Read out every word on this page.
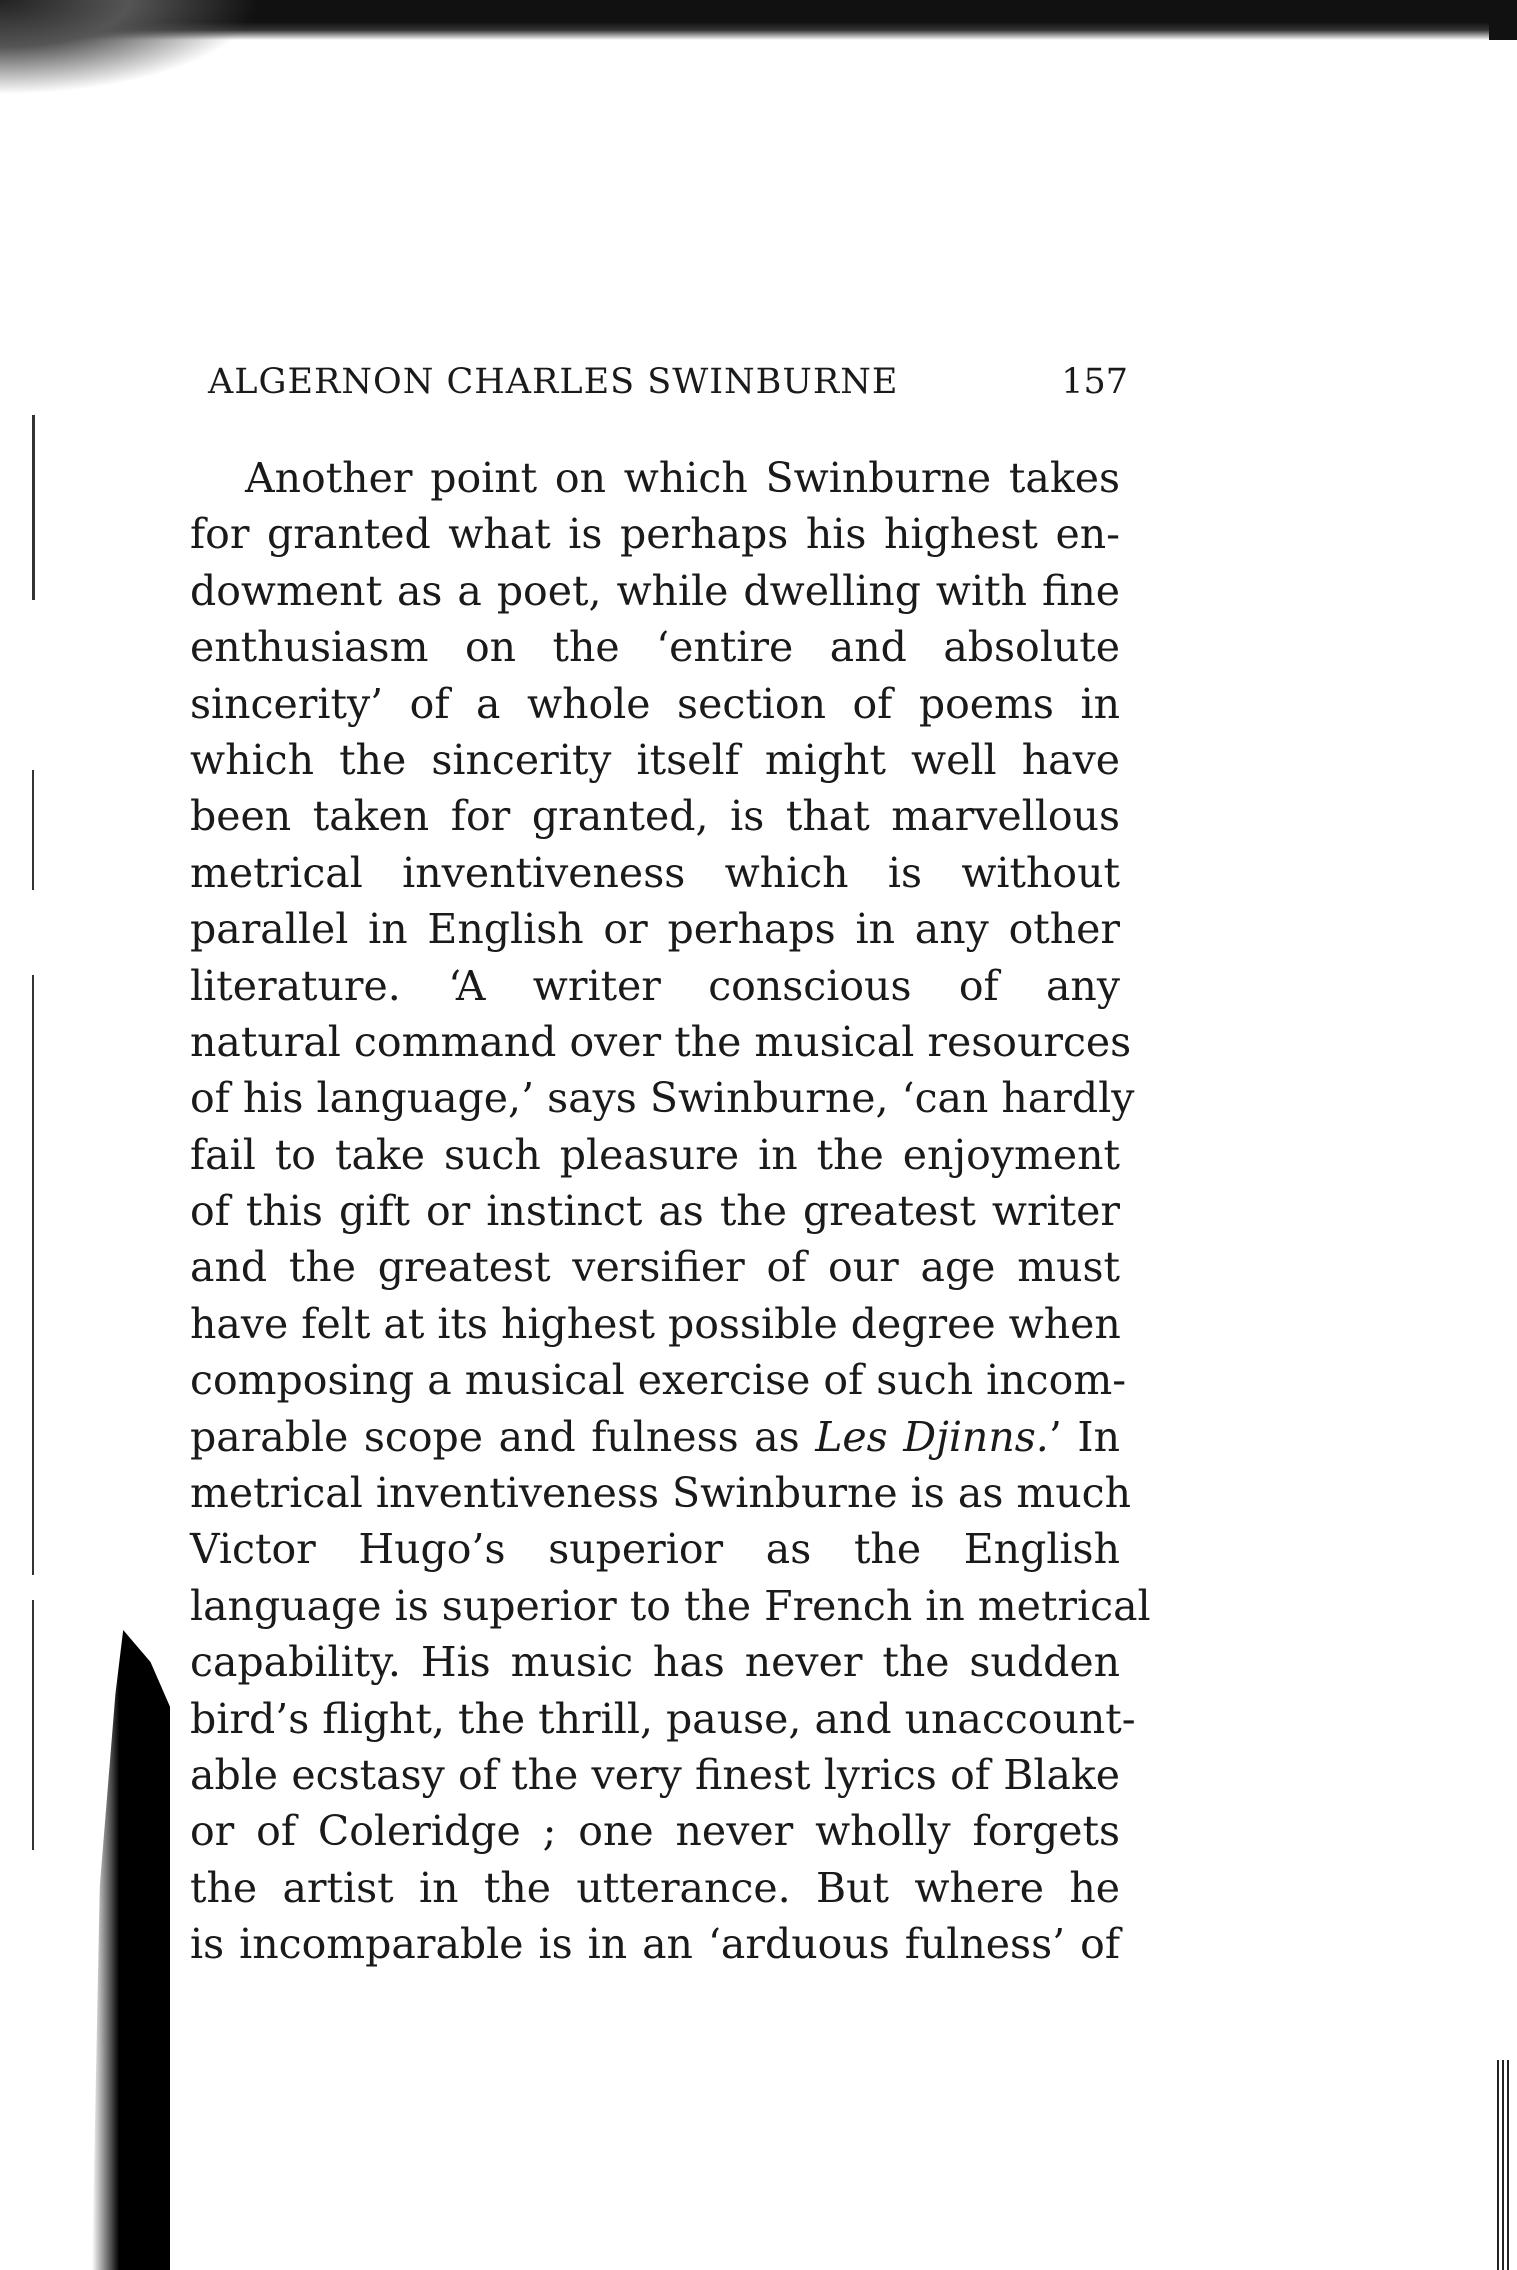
ALGERNON CHARLES SWINBURNE	157
Another point on which Swinburne takes
for granted what is perhaps his highest en-
dowment as a poet, while dwelling with fine
enthusiasm on the ‘entire and absolute
sincerity’ of a whole section of poems in
which the sincerity itself might well have
been taken for granted, is that marvellous
metrical inventiveness which is without
parallel in English or perhaps in any other
literature. ‘A writer conscious of any
natural command over the musical resources
of his language,’ says Swinburne, ‘can hardly
fail to take such pleasure in the enjoyment
of this gift or instinct as the greatest writer
and the greatest versifier of our age must
have felt at its highest possible degree when
composing a musical exercise of such incom-
parable scope and fulness as Les Djinns.’ In
metrical inventiveness Swinburne is as much
Victor Hugo’s superior as the English
language is superior to the French in metrical
capability. His music has never the sudden
bird’s flight, the thrill, pause, and unaccount-
able ecstasy of the very finest lyrics of Blake
or of Coleridge ; one never wholly forgets
the artist in the utterance. But where he
is incomparable is in an ‘arduous fulness’ of
